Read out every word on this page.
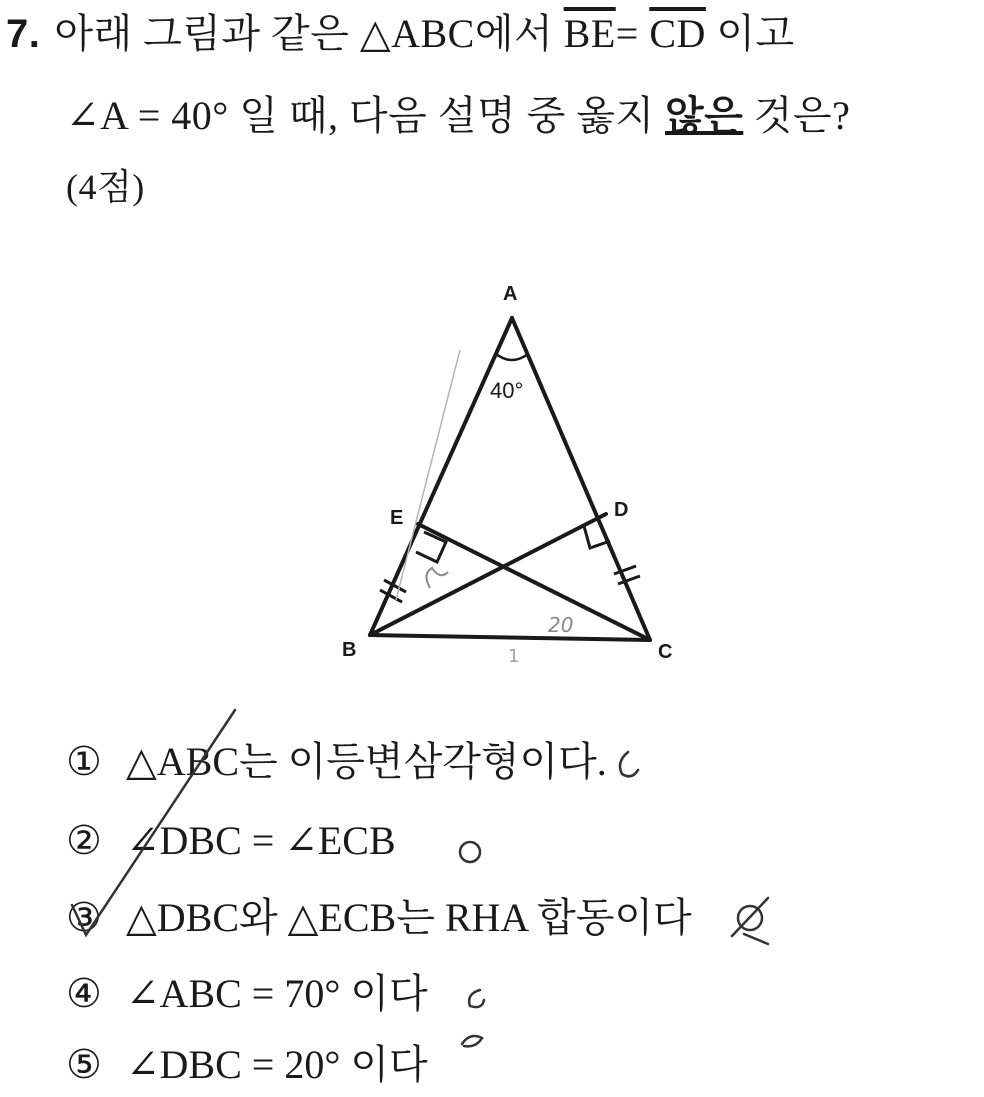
7. 아래 그림과 같은 △ABC에서 $\overline{BE}= \overline{CD}$ 이고
∠A = 40° 일 때, 다음 설명 중 옳지 않은 것은?
(4점)
A
B	C
D
E
40°
20
1
① △ABC는 이등변삼각형이다.
② ∠DBC = ∠ECB
③ △DBC와 △ECB는 RHA 합동이다
④ ∠ABC = 70° 이다
⑤ ∠DBC = 20° 이다
